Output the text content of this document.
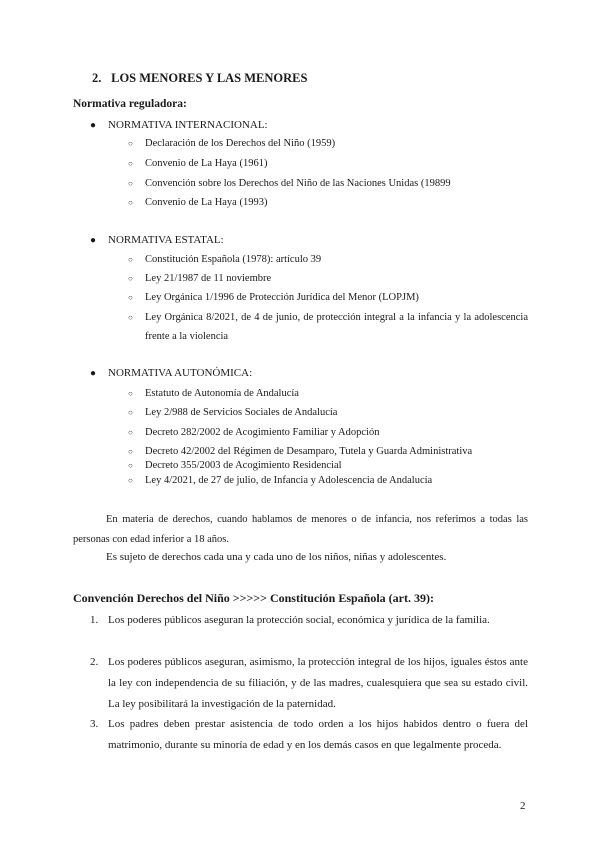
2. LOS MENORES Y LAS MENORES
Normativa reguladora:
● NORMATIVA INTERNACIONAL:
○ Declaración de los Derechos del Niño (1959)
○ Convenio de La Haya (1961)
○ Convención sobre los Derechos del Niño de las Naciones Unidas (19899
○ Convenio de La Haya (1993)
● NORMATIVA ESTATAL:
○ Constitución Española (1978): artículo 39
○ Ley 21/1987 de 11 noviembre
○ Ley Orgánica 1/1996 de Protección Jurídica del Menor (LOPJM)
○ Ley Orgánica 8/2021, de 4 de junio, de protección integral a la infancia y la adolescencia frente a la violencia
● NORMATIVA AUTONÓMICA:
○ Estatuto de Autonomía de Andalucía
○ Ley 2/988 de Servicios Sociales de Andalucía
○ Decreto 282/2002 de Acogimiento Familiar y Adopción
○ Decreto 42/2002 del Régimen de Desamparo, Tutela y Guarda Administrativa
○ Decreto 355/2003 de Acogimiento Residencial
○ Ley 4/2021, de 27 de julio, de Infancia y Adolescencia de Andalucía

En materia de derechos, cuando hablamos de menores o de infancia, nos referimos a todas las personas con edad inferior a 18 años.

Es sujeto de derechos cada una y cada uno de los niños, niñas y adolescentes.

Convención Derechos del Niño >>>>> Constitución Española (art. 39):
1. Los poderes públicos aseguran la protección social, económica y jurídica de la familia.
2. Los poderes públicos aseguran, asimismo, la protección integral de los hijos, iguales éstos ante la ley con independencia de su filiación, y de las madres, cualesquiera que sea su estado civil. La ley posibilitará la investigación de la paternidad.
3. Los padres deben prestar asistencia de todo orden a los hijos habidos dentro o fuera del matrimonio, durante su minoría de edad y en los demás casos en que legalmente proceda.
2
